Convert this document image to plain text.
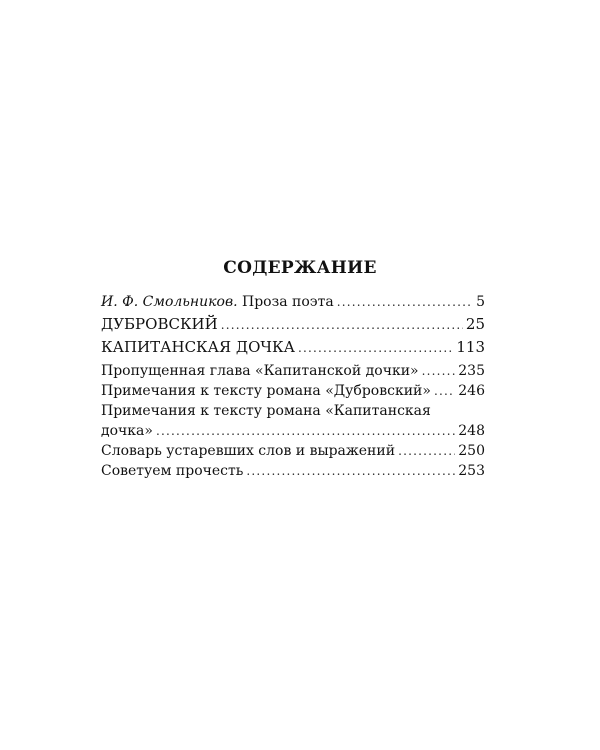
СОДЕРЖАНИЕ
И. Ф. Смольников. Проза поэта .....	5
ДУБРОВСКИЙ .....	25
КАПИТАНСКАЯ ДОЧКА .....	113
Пропущенная глава «Капитанской дочки» .....	235
Примечания к тексту романа «Дубровский» ..... 246
Примечания к тексту романа «Капитанская
дочка» .....	248
Словарь устаревших слов и выражений .....	250
Советуем прочесть .....	253
